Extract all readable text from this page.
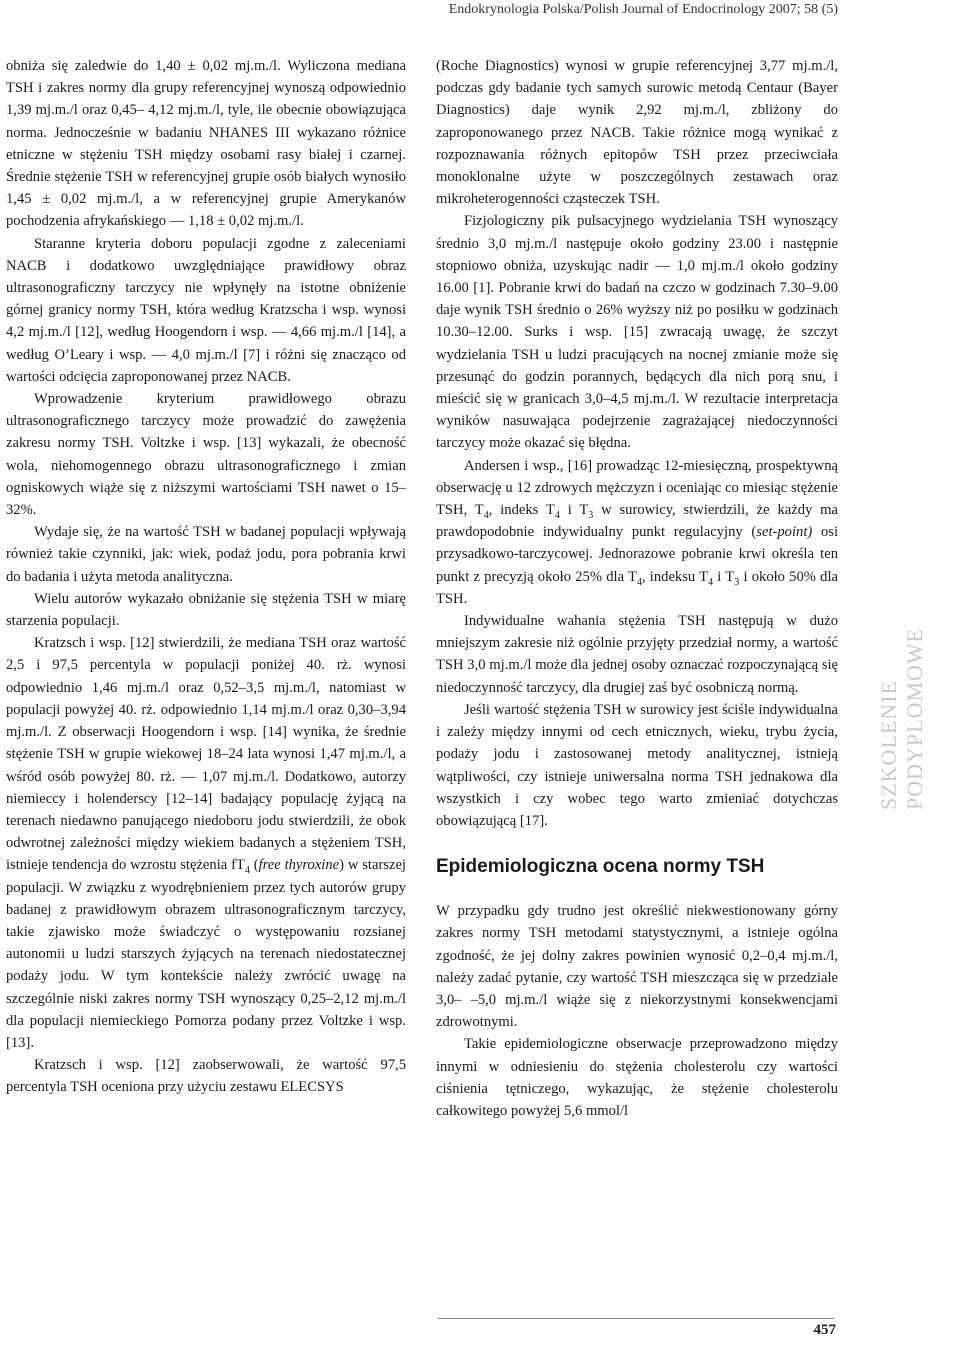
Endokrynologia Polska/Polish Journal of Endocrinology 2007; 58 (5)

obniża się zaledwie do 1,40 ± 0,02 mj.m./l. Wyliczona mediana TSH i zakres normy dla grupy referencyjnej wynoszą odpowiednio 1,39 mj.m./l oraz 0,45– 4,12 mj.m./l, tyle, ile obecnie obowiązująca norma. Jednocześnie w badaniu NHANES III wykazano różnice etniczne w stężeniu TSH między osobami rasy białej i czarnej. Średnie stężenie TSH w referencyjnej grupie osób białych wynosiło 1,45 ± 0,02 mj.m./l, a w referencyjnej grupie Amerykanów pochodzenia afrykańskiego — 1,18 ± 0,02 mj.m./l.

Staranne kryteria doboru populacji zgodne z zaleceniami NACB i dodatkowo uwzględniające prawidłowy obraz ultrasonograficzny tarczycy nie wpłynęły na istotne obniżenie górnej granicy normy TSH, która według Kratzscha i wsp. wynosi 4,2 mj.m./l [12], według Hoogendorn i wsp. — 4,66 mj.m./l [14], a według O’Leary i wsp. — 4,0 mj.m./l [7] i różni się znacząco od wartości odcięcia zaproponowanej przez NACB.

Wprowadzenie kryterium prawidłowego obrazu ultrasonograficznego tarczycy może prowadzić do zawężenia zakresu normy TSH. Voltzke i wsp. [13] wykazali, że obecność wola, niehomogennego obrazu ultrasonograficznego i zmian ogniskowych wiąże się z niższymi wartościami TSH nawet o 15–32%.

Wydaje się, że na wartość TSH w badanej populacji wpływają również takie czynniki, jak: wiek, podaż jodu, pora pobrania krwi do badania i użyta metoda analityczna.

Wielu autorów wykazało obniżanie się stężenia TSH w miarę starzenia populacji.

Kratzsch i wsp. [12] stwierdzili, że mediana TSH oraz wartość 2,5 i 97,5 percentyla w populacji poniżej 40. rż. wynosi odpowiednio 1,46 mj.m./l oraz 0,52–3,5 mj.m./l, natomiast w populacji powyżej 40. rż. odpowiednio 1,14 mj.m./l oraz 0,30–3,94 mj.m./l. Z obserwacji Hoogendorn i wsp. [14] wynika, że średnie stężenie TSH w grupie wiekowej 18–24 lata wynosi 1,47 mj.m./l, a wśród osób powyżej 80. rż. — 1,07 mj.m./l. Dodatkowo, autorzy niemieccy i holenderscy [12–14] badający populację żyjącą na terenach niedawno panującego niedoboru jodu stwierdzili, że obok odwrotnej zależności między wiekiem badanych a stężeniem TSH, istnieje tendencja do wzrostu stężenia $fT_4$ (free thyroxine) w starszej populacji. W związku z wyodrębnieniem przez tych autorów grupy badanej z prawidłowym obrazem ultrasonograficznym tarczycy, takie zjawisko może świadczyć o występowaniu rozsianej autonomii u ludzi starszych żyjących na terenach niedostatecznej podaży jodu. W tym kontekście należy zwrócić uwagę na szczególnie niski zakres normy TSH wynoszący 0,25–2,12 mj.m./l dla populacji niemieckiego Pomorza podany przez Voltzke i wsp. [13].

Kratzsch i wsp. [12] zaobserwowali, że wartość 97,5 percentyla TSH oceniona przy użyciu zestawu ELECSYS

(Roche Diagnostics) wynosi w grupie referencyjnej 3,77 mj.m./l, podczas gdy badanie tych samych surowic metodą Centaur (Bayer Diagnostics) daje wynik 2,92 mj.m./l, zbliżony do zaproponowanego przez NACB. Takie różnice mogą wynikać z rozpoznawania różnych epitopów TSH przez przeciwciała monoklonalne użyte w poszczególnych zestawach oraz mikroheterogenności cząsteczek TSH.

Fizjologiczny pik pulsacyjnego wydzielania TSH wynoszący średnio 3,0 mj.m./l następuje około godziny 23.00 i następnie stopniowo obniża, uzyskując nadir — 1,0 mj.m./l około godziny 16.00 [1]. Pobranie krwi do badań na czczo w godzinach 7.30–9.00 daje wynik TSH średnio o 26% wyższy niż po posiłku w godzinach 10.30–12.00. Surks i wsp. [15] zwracają uwagę, że szczyt wydzielania TSH u ludzi pracujących na nocnej zmianie może się przesunąć do godzin porannych, będących dla nich porą snu, i mieścić się w granicach 3,0–4,5 mj.m./l. W rezultacie interpretacja wyników nasuwająca podejrzenie zagrażającej niedoczynności tarczycy może okazać się błędna.

Andersen i wsp., [16] prowadząc 12-miesięczną, prospektywną obserwację u 12 zdrowych mężczyzn i oceniając co miesiąc stężenie TSH, $T_4$, indeks $T_4$ i $T_3$ w surowicy, stwierdzili, że każdy ma prawdopodobnie indywidualny punkt regulacyjny (set-point) osi przysadkowo-tarczycowej. Jednorazowe pobranie krwi określa ten punkt z precyzją około 25% dla $T_4$, indeksu $T_4$ i $T_3$ i około 50% dla TSH.

Indywidualne wahania stężenia TSH następują w dużo mniejszym zakresie niż ogólnie przyjęty przedział normy, a wartość TSH 3,0 mj.m./l może dla jednej osoby oznaczać rozpoczynającą się niedoczynność tarczycy, dla drugiej zaś być osobniczą normą.

Jeśli wartość stężenia TSH w surowicy jest ściśle indywidualna i zależy między innymi od cech etnicznych, wieku, trybu życia, podaży jodu i zastosowanej metody analitycznej, istnieją wątpliwości, czy istnieje uniwersalna norma TSH jednakowa dla wszystkich i czy wobec tego warto zmieniać dotychczas obowiązującą [17].

Epidemiologiczna ocena normy TSH

W przypadku gdy trudno jest określić niekwestionowany górny zakres normy TSH metodami statystycznymi, a istnieje ogólna zgodność, że jej dolny zakres powinien wynosić 0,2–0,4 mj.m./l, należy zadać pytanie, czy wartość TSH mieszcząca się w przedziale 3,0– –5,0 mj.m./l wiąże się z niekorzystnymi konsekwencjami zdrowotnymi.

Takie epidemiologiczne obserwacje przeprowadzono między innymi w odniesieniu do stężenia cholesterolu czy wartości ciśnienia tętniczego, wykazując, że stężenie cholesterolu całkowitego powyżej 5,6 mmol/l

SZKOLENIE PODYPLOMOWE
457
